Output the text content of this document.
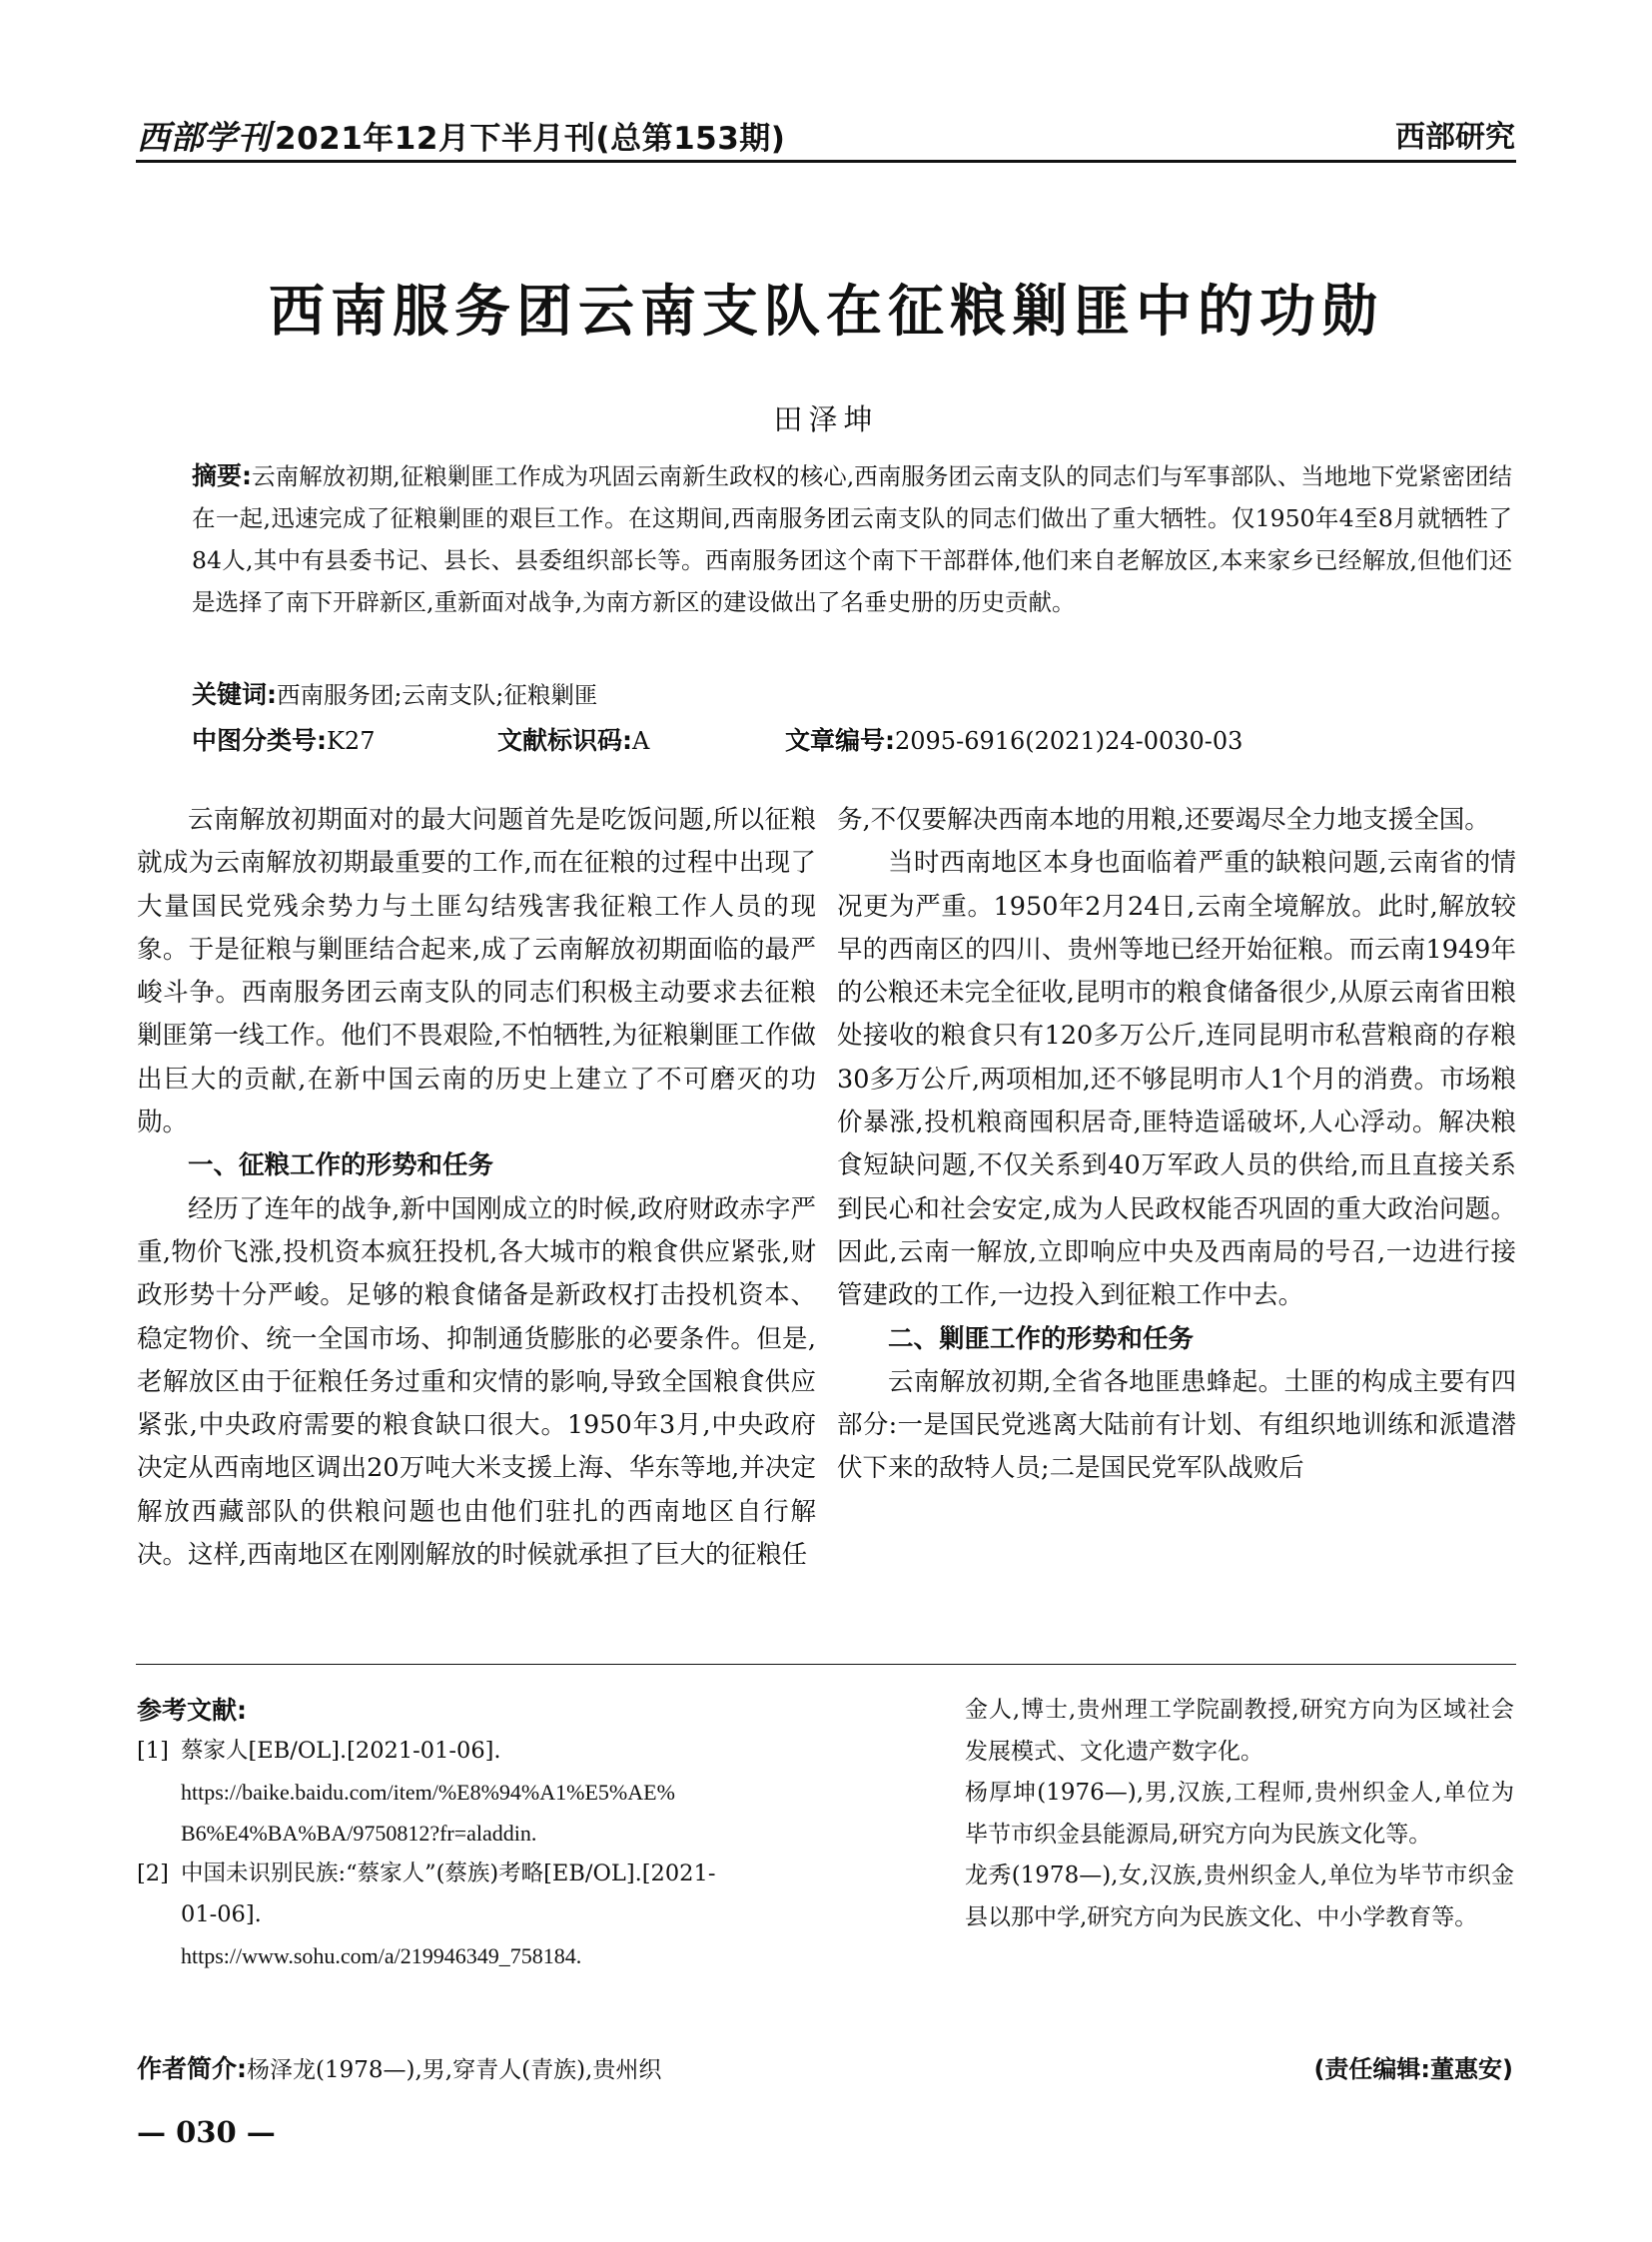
西部学刊 2021年12月下半月刊(总第153期)	西部研究
西南服务团云南支队在征粮剿匪中的功勋
田泽坤
摘要:云南解放初期,征粮剿匪工作成为巩固云南新生政权的核心,西南服务团云南支队的同志们与军事部队、当地地下党紧密团结在一起,迅速完成了征粮剿匪的艰巨工作。在这期间,西南服务团云南支队的同志们做出了重大牺牲。仅1950年4至8月就牺牲了84人,其中有县委书记、县长、县委组织部长等。西南服务团这个南下干部群体,他们来自老解放区,本来家乡已经解放,但他们还是选择了南下开辟新区,重新面对战争,为南方新区的建设做出了名垂史册的历史贡献。
关键词:西南服务团;云南支队;征粮剿匪
中图分类号:K27	文献标识码:A	文章编号:2095-6916(2021)24-0030-03

云南解放初期面对的最大问题首先是吃饭问题,所以征粮就成为云南解放初期最重要的工作,而在征粮的过程中出现了大量国民党残余势力与土匪勾结残害我征粮工作人员的现象。于是征粮与剿匪结合起来,成了云南解放初期面临的最严峻斗争。西南服务团云南支队的同志们积极主动要求去征粮剿匪第一线工作。他们不畏艰险,不怕牺牲,为征粮剿匪工作做出巨大的贡献,在新中国云南的历史上建立了不可磨灭的功勋。

一、征粮工作的形势和任务

经历了连年的战争,新中国刚成立的时候,政府财政赤字严重,物价飞涨,投机资本疯狂投机,各大城市的粮食供应紧张,财政形势十分严峻。足够的粮食储备是新政权打击投机资本、稳定物价、统一全国市场、抑制通货膨胀的必要条件。但是,老解放区由于征粮任务过重和灾情的影响,导致全国粮食供应紧张,中央政府需要的粮食缺口很大。1950年3月,中央政府决定从西南地区调出20万吨大米支援上海、华东等地,并决定解放西藏部队的供粮问题也由他们驻扎的西南地区自行解决。这样,西南地区在刚刚解放的时候就承担了巨大的征粮任

务,不仅要解决西南本地的用粮,还要竭尽全力地支援全国。

当时西南地区本身也面临着严重的缺粮问题,云南省的情况更为严重。1950年2月24日,云南全境解放。此时,解放较早的西南区的四川、贵州等地已经开始征粮。而云南1949年的公粮还未完全征收,昆明市的粮食储备很少,从原云南省田粮处接收的粮食只有120多万公斤,连同昆明市私营粮商的存粮30多万公斤,两项相加,还不够昆明市人1个月的消费。市场粮价暴涨,投机粮商囤积居奇,匪特造谣破坏,人心浮动。解决粮食短缺问题,不仅关系到40万军政人员的供给,而且直接关系到民心和社会安定,成为人民政权能否巩固的重大政治问题。因此,云南一解放,立即响应中央及西南局的号召,一边进行接管建政的工作,一边投入到征粮工作中去。

二、剿匪工作的形势和任务

云南解放初期,全省各地匪患蜂起。土匪的构成主要有四部分:一是国民党逃离大陆前有计划、有组织地训练和派遣潜伏下来的敌特人员;二是国民党军队战败后

参考文献:
[1] 蔡家人[EB/OL].[2021-01-06].
https://baike.baidu.com/item/%E8%94%A1%E5%AE%
B6%E4%BA%BA/9750812?fr=aladdin.
[2] 中国未识别民族:“蔡家人”(蔡族)考略[EB/OL].[2021-
01-06].
https://www.sohu.com/a/219946349_758184.
作者简介:杨泽龙(1978—),男,穿青人(青族),贵州织

金人,博士,贵州理工学院副教授,研究方向为区域社会发展模式、文化遗产数字化。

杨厚坤(1976—),男,汉族,工程师,贵州织金人,单位为毕节市织金县能源局,研究方向为民族文化等。

龙秀(1978—),女,汉族,贵州织金人,单位为毕节市织金县以那中学,研究方向为民族文化、中小学教育等。

(责任编辑:董惠安)
— 030 —
